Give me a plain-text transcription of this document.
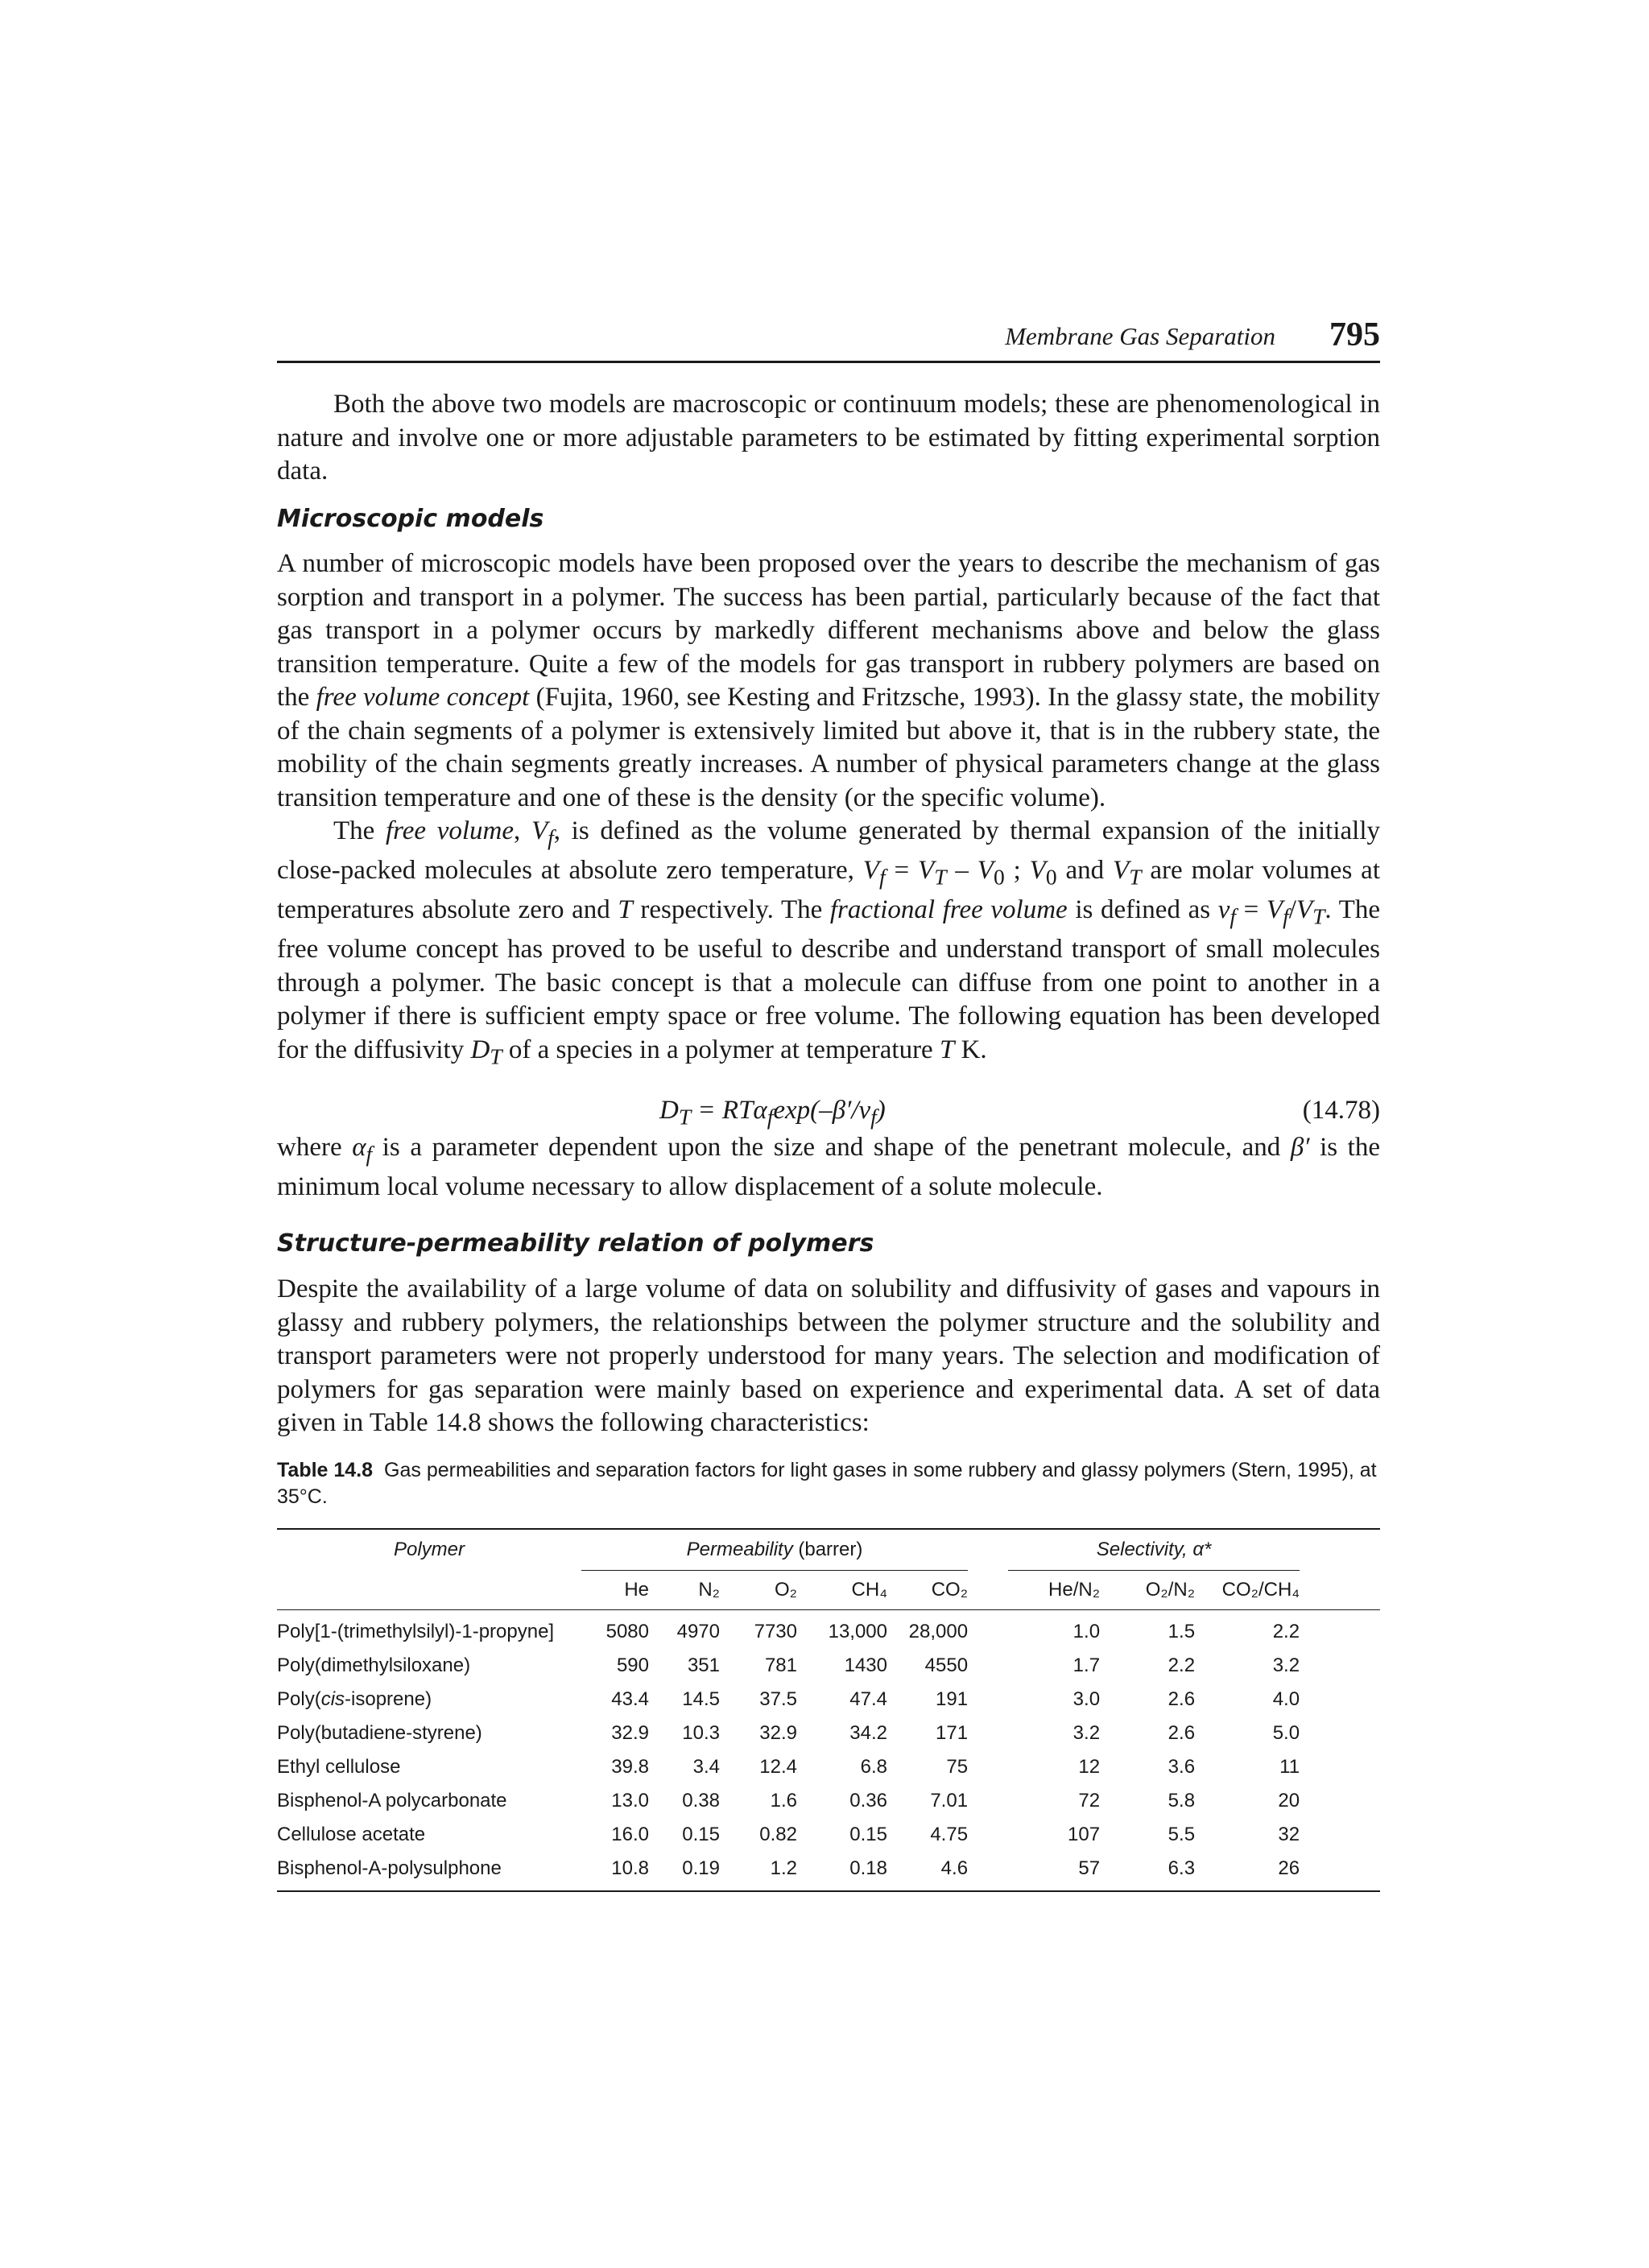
Membrane Gas Separation 795

Both the above two models are macroscopic or continuum models; these are phenomenological in nature and involve one or more adjustable parameters to be estimated by fitting experimental sorption data.

Microscopic models

A number of microscopic models have been proposed over the years to describe the mechanism of gas sorption and transport in a polymer. The success has been partial, particularly because of the fact that gas transport in a polymer occurs by markedly different mechanisms above and below the glass transition temperature. Quite a few of the models for gas transport in rubbery polymers are based on the free volume concept (Fujita, 1960, see Kesting and Fritzsche, 1993). In the glassy state, the mobility of the chain segments of a polymer is extensively limited but above it, that is in the rubbery state, the mobility of the chain segments greatly increases. A number of physical parameters change at the glass transition temperature and one of these is the density (or the specific volume).

The free volume, $V_f$, is defined as the volume generated by thermal expansion of the initially close-packed molecules at absolute zero temperature, $V_f = V_T - V_0$ ; $V_0$ and $V_T$ are molar volumes at temperatures absolute zero and T respectively. The fractional free volume is defined as $v_f = V_f/V_T$. The free volume concept has proved to be useful to describe and understand transport of small molecules through a polymer. The basic concept is that a molecule can diffuse from one point to another in a polymer if there is sufficient empty space or free volume. The following equation has been developed for the diffusivity $D_T$ of a species in a polymer at temperature T K.

$D_T = RT\alpha_f\exp(-\beta'/v_f)$	(14.78)

where $\alpha_f$ is a parameter dependent upon the size and shape of the penetrant molecule, and β′ is the minimum local volume necessary to allow displacement of a solute molecule.

Structure-permeability relation of polymers

Despite the availability of a large volume of data on solubility and diffusivity of gases and vapours in glassy and rubbery polymers, the relationships between the polymer structure and the solubility and transport parameters were not properly understood for many years. The selection and modification of polymers for gas separation were mainly based on experience and experimental data. A set of data given in Table 14.8 shows the following characteristics:

Table 14.8 Gas permeabilities and separation factors for light gases in some rubbery and glassy polymers (Stern, 1995), at 35°C.
Polymer	Permeability (barrer)						Selectivity, α*			
	He	N₂	O₂	CH₄	CO₂		He/N₂	O₂/N₂	CO₂/CH₄	
Poly[1-(trimethylsilyl)-1-propyne]	5080	4970	7730	13,000	28,000		1.0	1.5	2.2	
Poly(dimethylsiloxane)	590	351	781	1430	4550		1.7	2.2	3.2	
Poly(cis-isoprene)	43.4	14.5	37.5	47.4	191		3.0	2.6	4.0	
Poly(butadiene-styrene)	32.9	10.3	32.9	34.2	171		3.2	2.6	5.0	
Ethyl cellulose	39.8	3.4	12.4	6.8	75		12	3.6	11	
Bisphenol-A polycarbonate	13.0	0.38	1.6	0.36	7.01		72	5.8	20	
Cellulose acetate	16.0	0.15	0.82	0.15	4.75		107	5.5	32	
Bisphenol-A-polysulphone	10.8	0.19	1.2	0.18	4.6		57	6.3	26	
